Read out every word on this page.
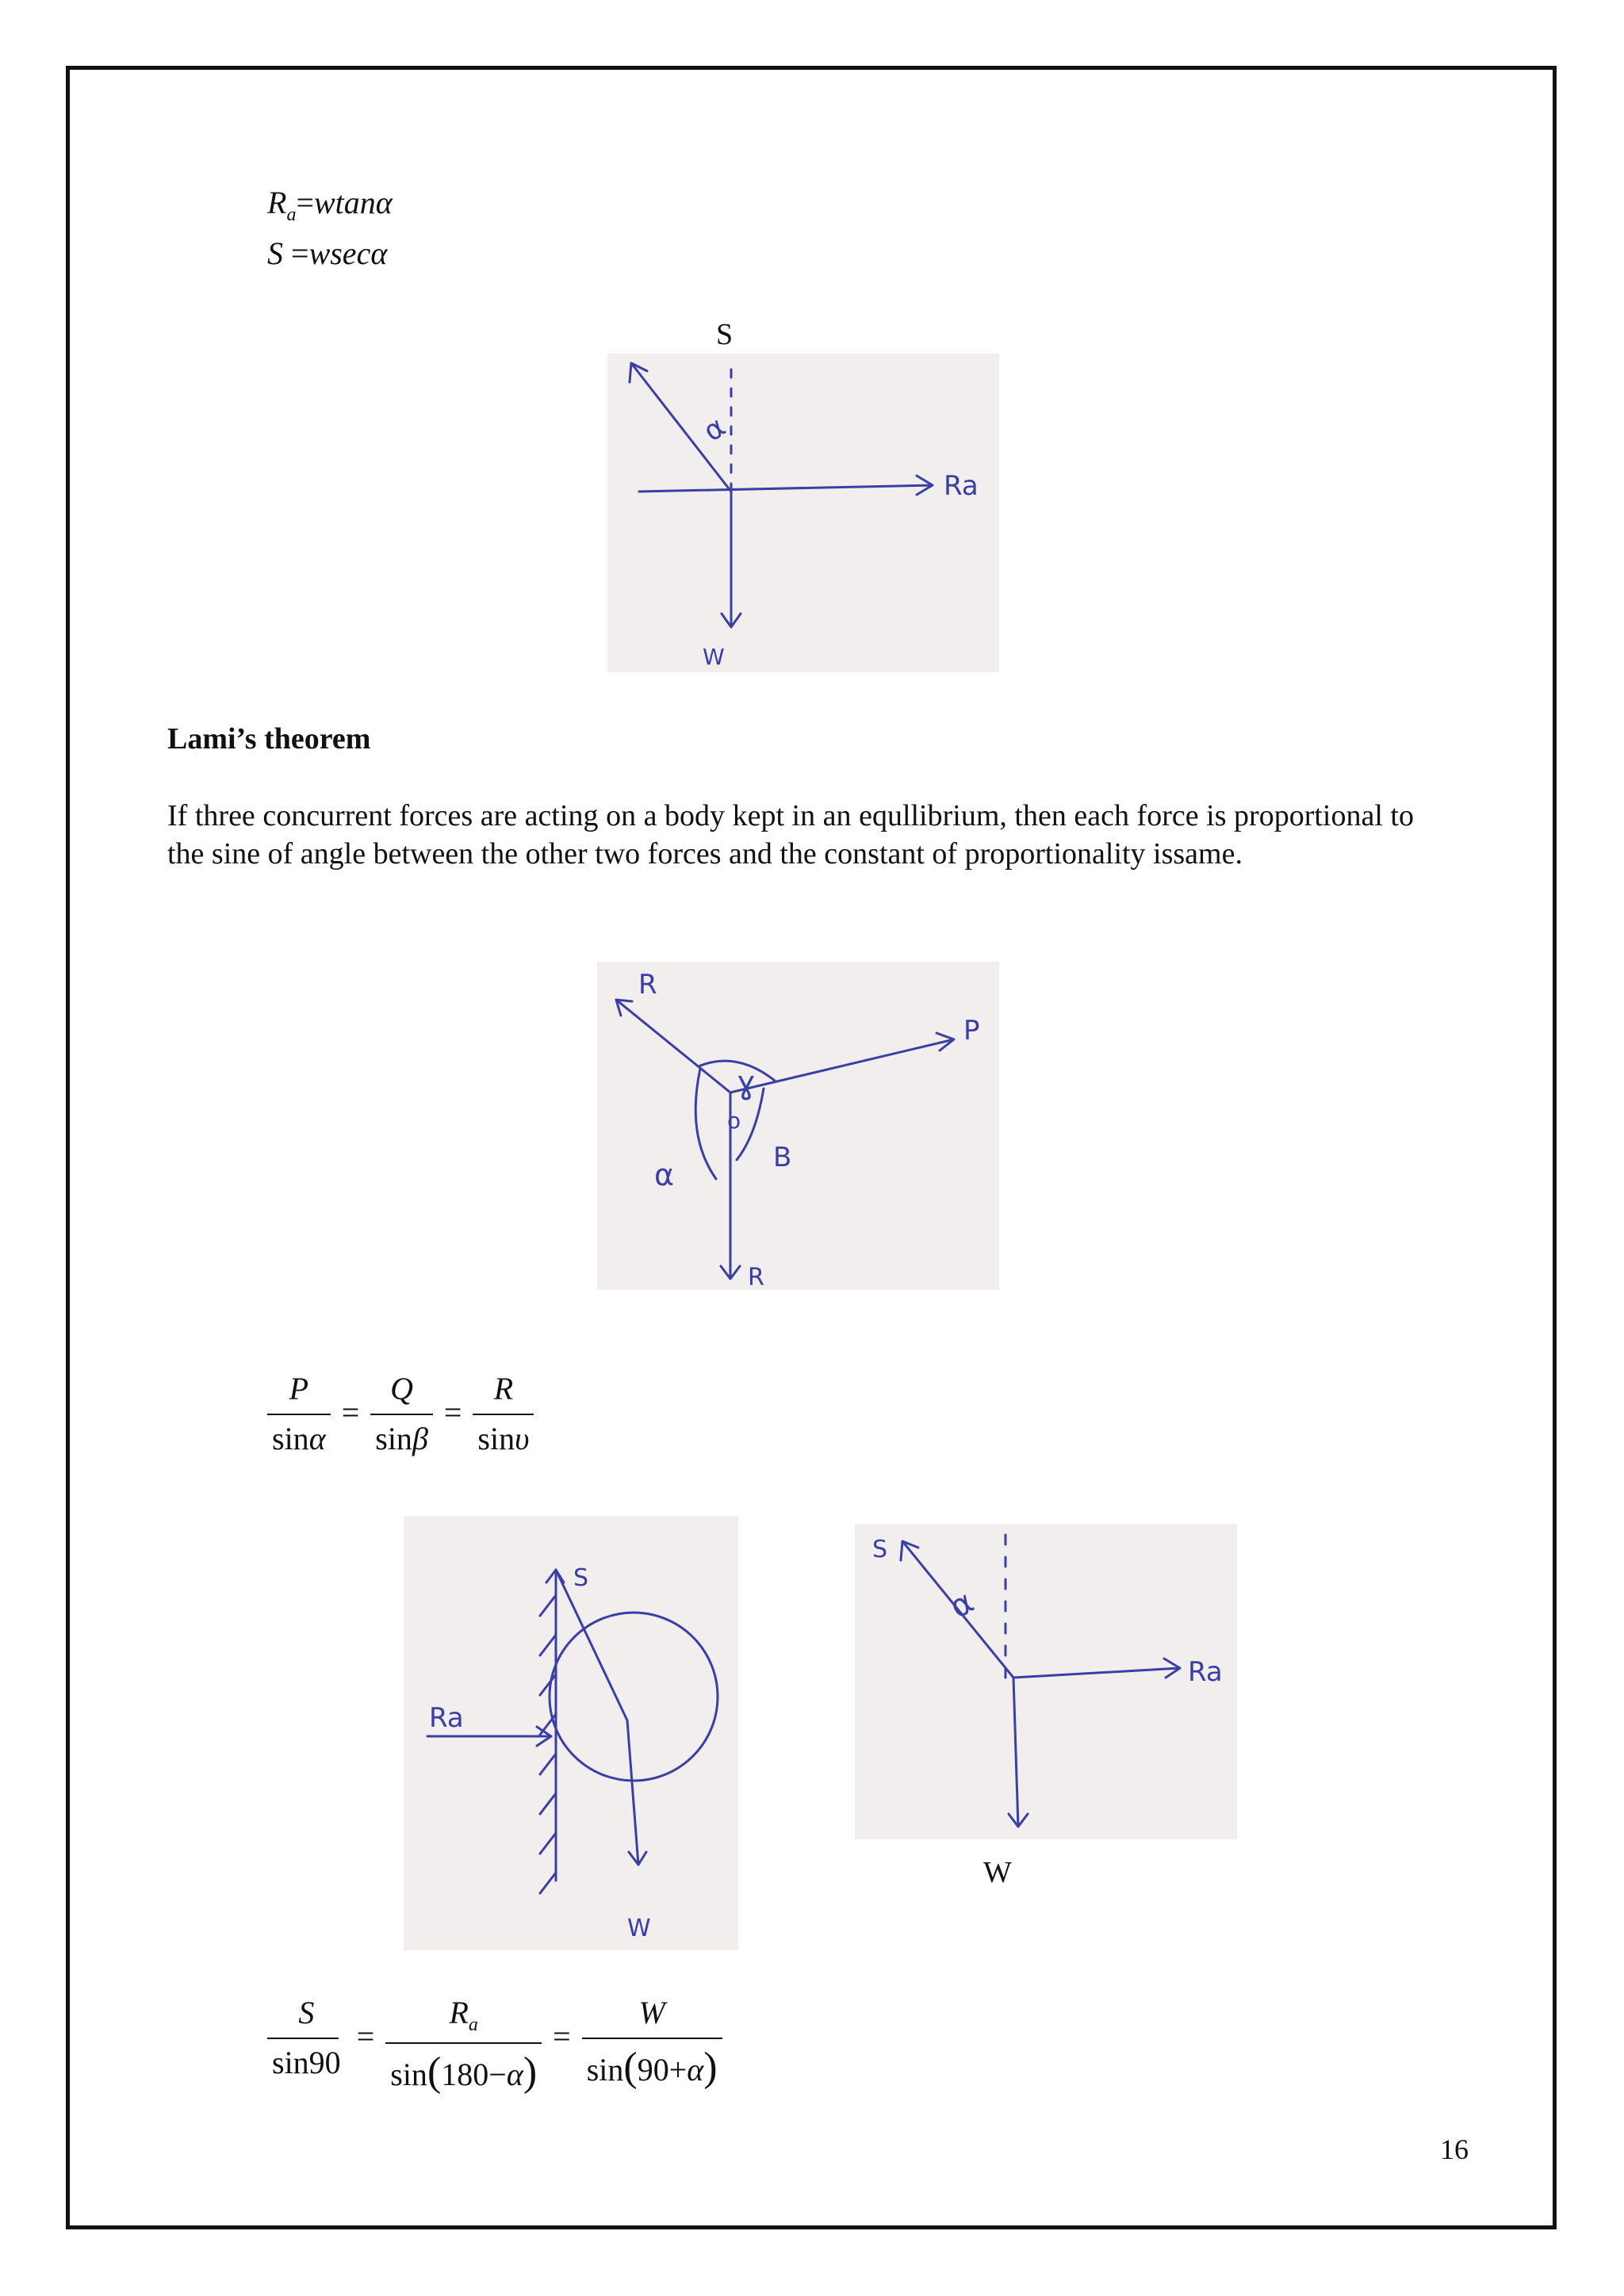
$R_a=wtan\alpha$
S =wsecα
S
α
Ra
W
Lami’s theorem
If three concurrent forces are acting on a body kept in an equllibrium, then each force is proportional to the sine of angle between the other two forces and the constant of proportionality issame.
R
P
R
o
α	B
ɣ
$\frac{P}{\sin\alpha} = \frac{Q}{\sin\beta} = \frac{R}{\sin\upsilon}$
S
Ra
W
S
α
Ra
W
$\frac{S}{\sin 90} = \frac{R_a}{\sin(180-\alpha)} = \frac{W}{\sin(90+\alpha)}$
16
